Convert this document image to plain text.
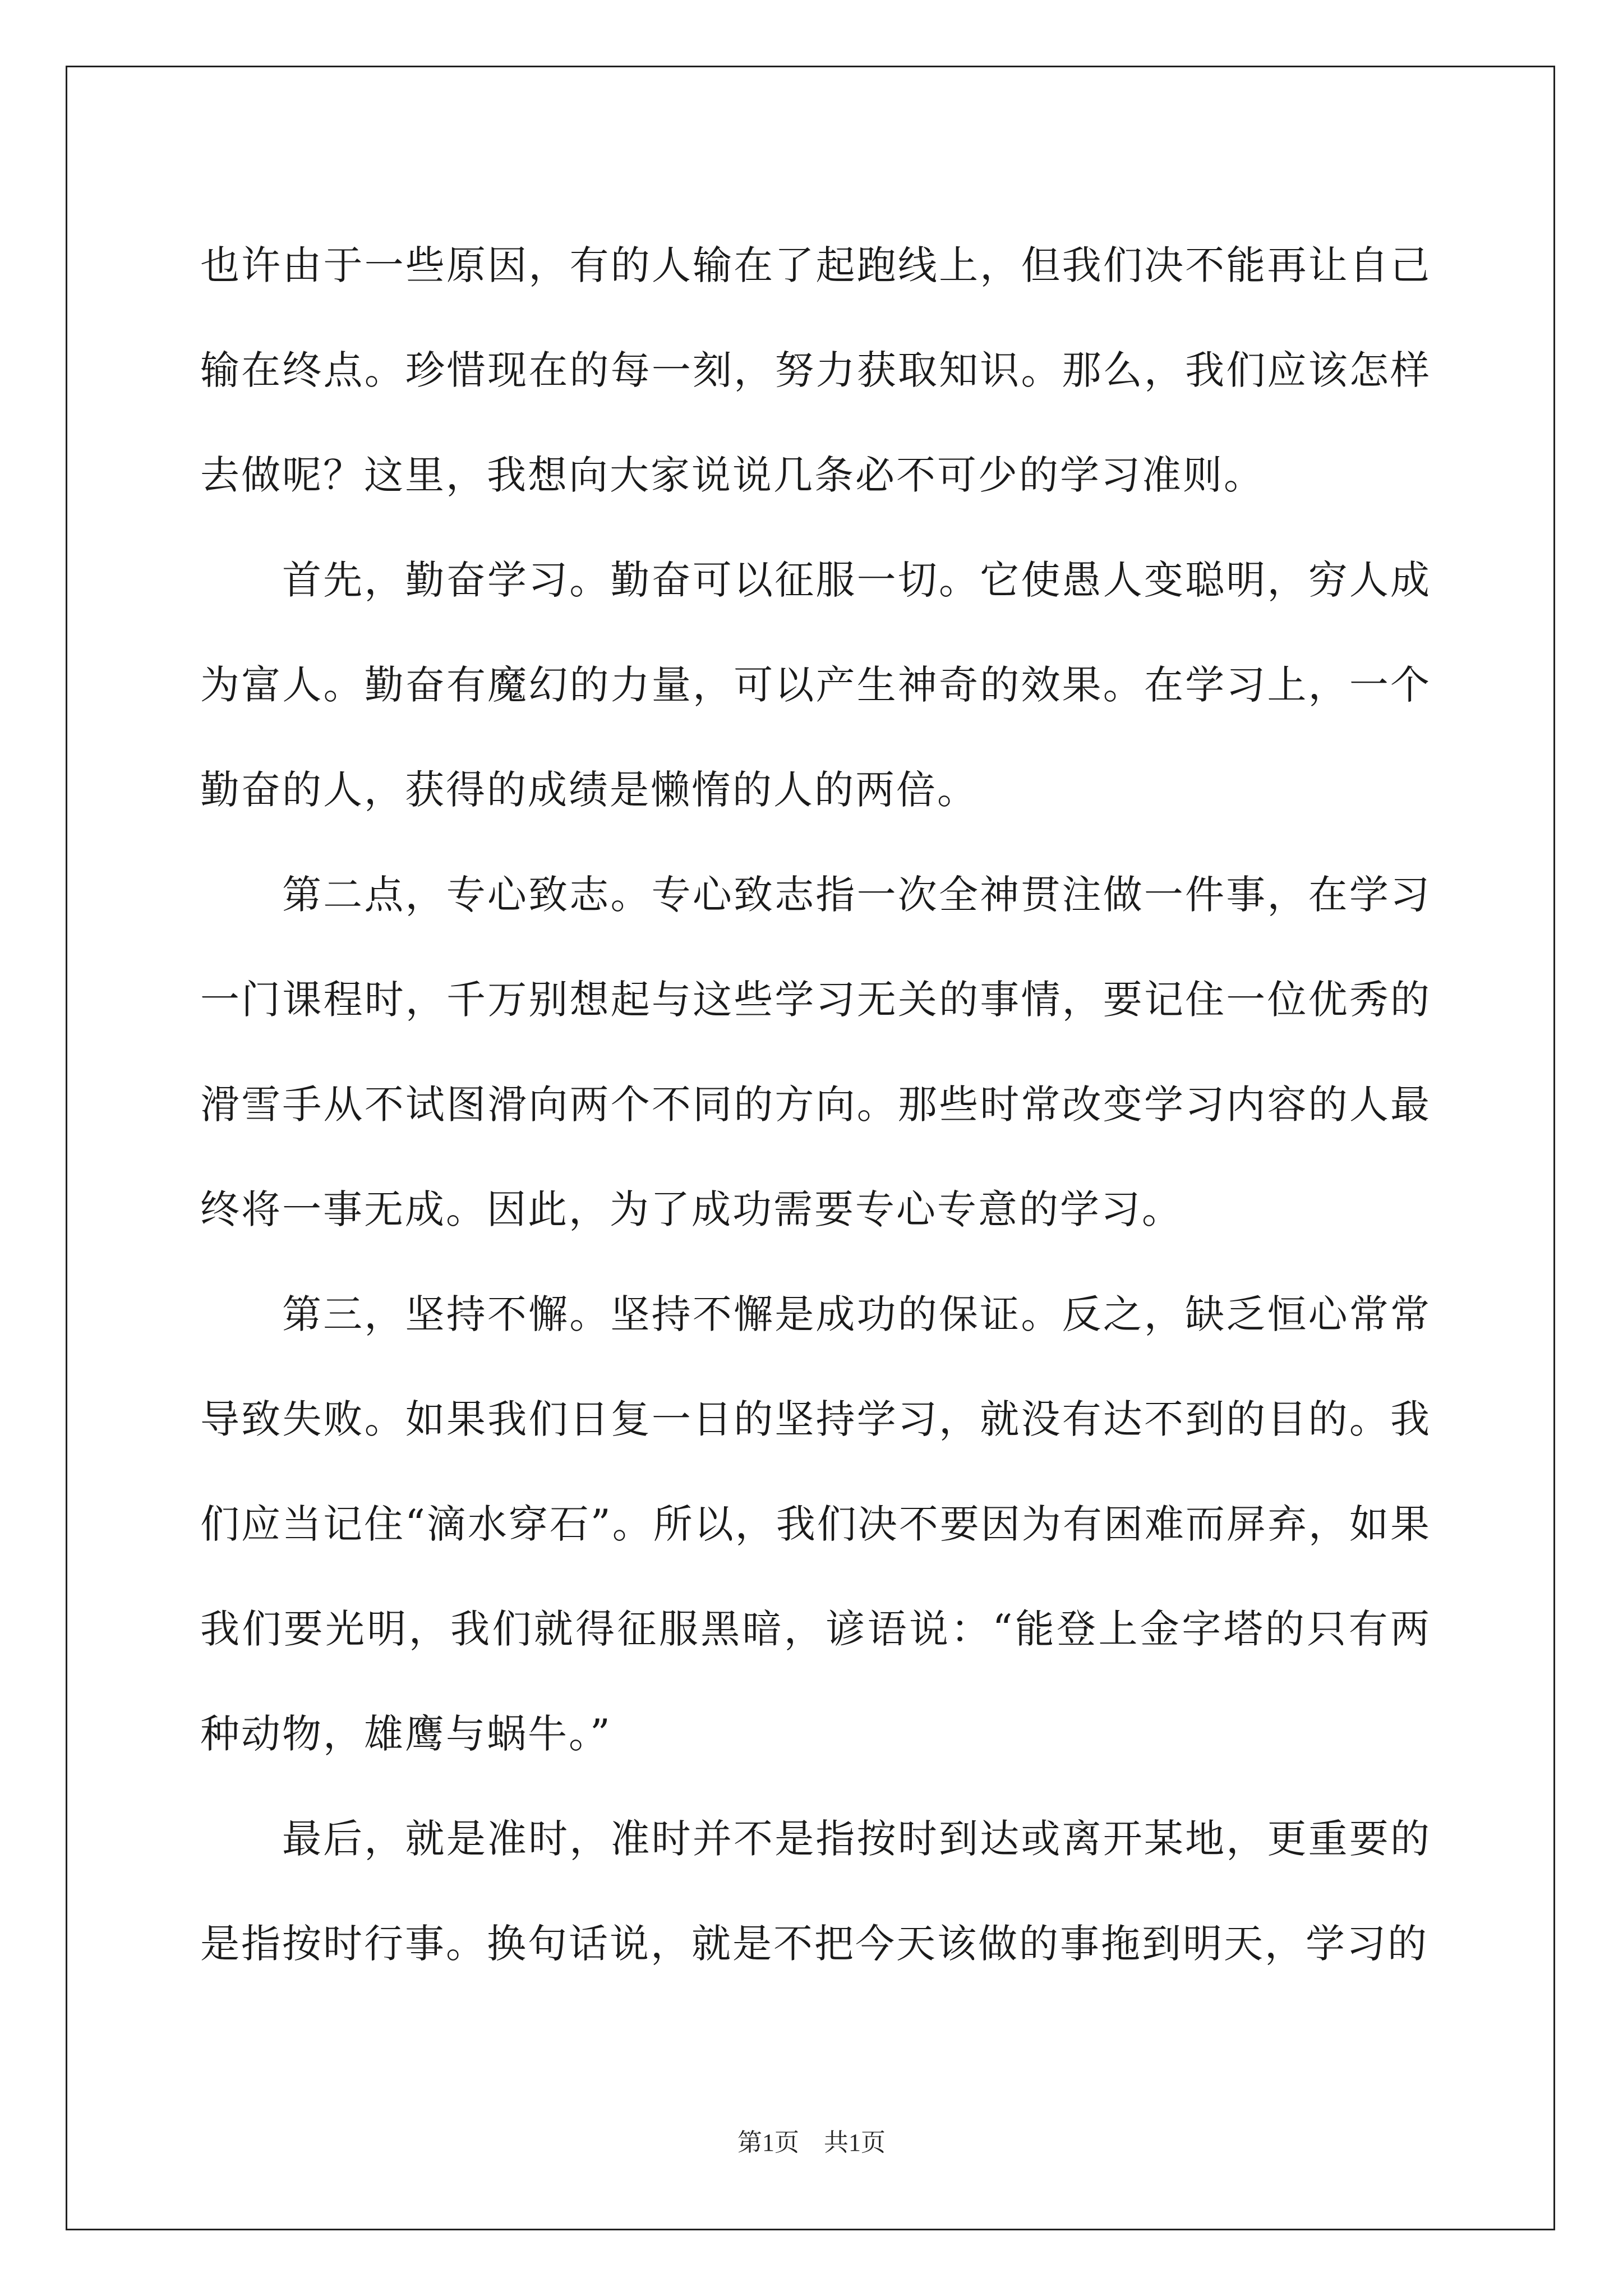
也许由于一些原因，有的人输在了起跑线上，但我们决不能再让自己输在终点。珍惜现在的每一刻，努力获取知识。那么，我们应该怎样去做呢？这里，我想向大家说说几条必不可少的学习准则。

首先，勤奋学习。勤奋可以征服一切。它使愚人变聪明，穷人成为富人。勤奋有魔幻的力量，可以产生神奇的效果。在学习上，一个勤奋的人，获得的成绩是懒惰的人的两倍。

第二点，专心致志。专心致志指一次全神贯注做一件事，在学习一门课程时，千万别想起与这些学习无关的事情，要记住一位优秀的滑雪手从不试图滑向两个不同的方向。那些时常改变学习内容的人最终将一事无成。因此，为了成功需要专心专意的学习。

第三，坚持不懈。坚持不懈是成功的保证。反之，缺乏恒心常常导致失败。如果我们日复一日的坚持学习，就没有达不到的目的。我们应当记住“滴水穿石”。所以，我们决不要因为有困难而屏弃，如果我们要光明，我们就得征服黑暗，谚语说：“能登上金字塔的只有两种动物，雄鹰与蜗牛。”

最后，就是准时，准时并不是指按时到达或离开某地，更重要的是指按时行事。换句话说，就是不把今天该做的事拖到明天，学习的

第1页　共1页
